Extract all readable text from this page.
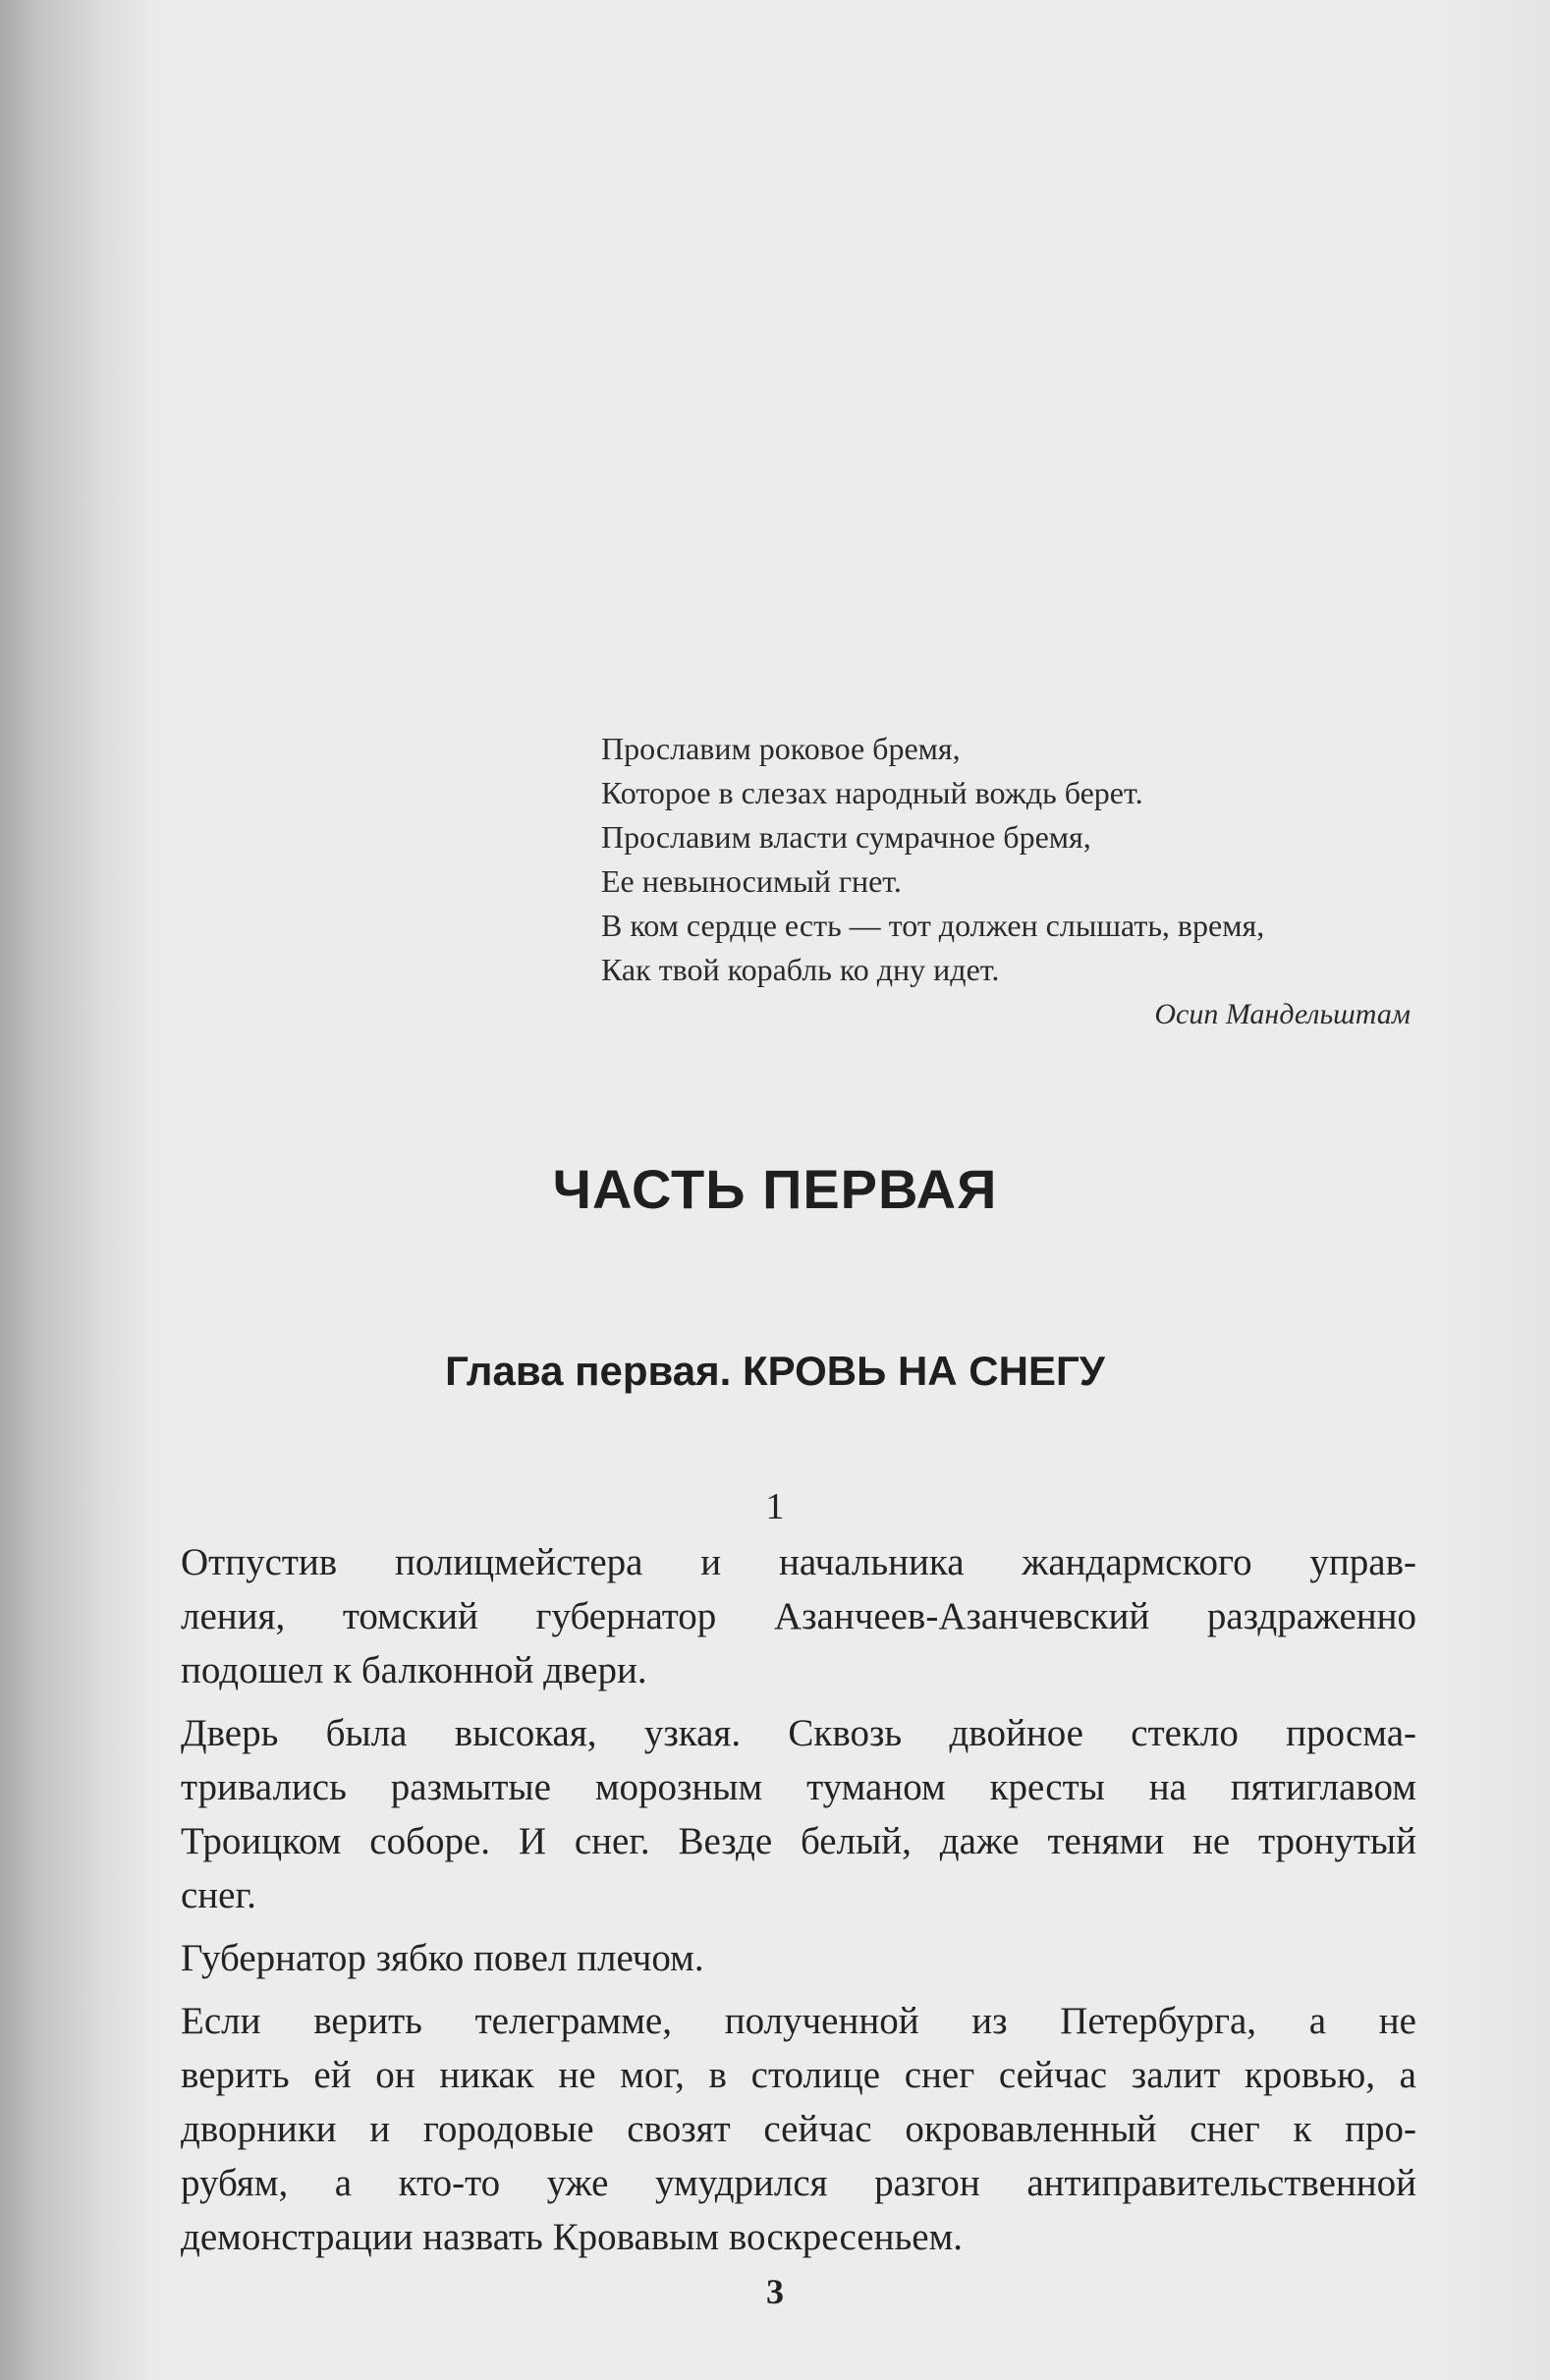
Прославим роковое бремя,
Которое в слезах народный вождь берет.
Прославим власти сумрачное бремя,
Ее невыносимый гнет.
В ком сердце есть — тот должен слышать, время,
Как твой корабль ко дну идет.
Осип Мандельштам
ЧАСТЬ ПЕРВАЯ
Глава первая. КРОВЬ НА СНЕГУ
1

Отпустив полицмейстера и начальника жандармского управ-
ления, томский губернатор Азанчеев-Азанчевский раздраженно
подошел к балконной двери.

Дверь была высокая, узкая. Сквозь двойное стекло просма-
тривались размытые морозным туманом кресты на пятиглавом
Троицком соборе. И снег. Везде белый, даже тенями не тронутый
снег.

Губернатор зябко повел плечом.

Если верить телеграмме, полученной из Петербурга, а не
верить ей он никак не мог, в столице снег сейчас залит кровью, а
дворники и городовые свозят сейчас окровавленный снег к про-
рубям, а кто-то уже умудрился разгон антиправительственной
демонстрации назвать Кровавым воскресеньем.

3
